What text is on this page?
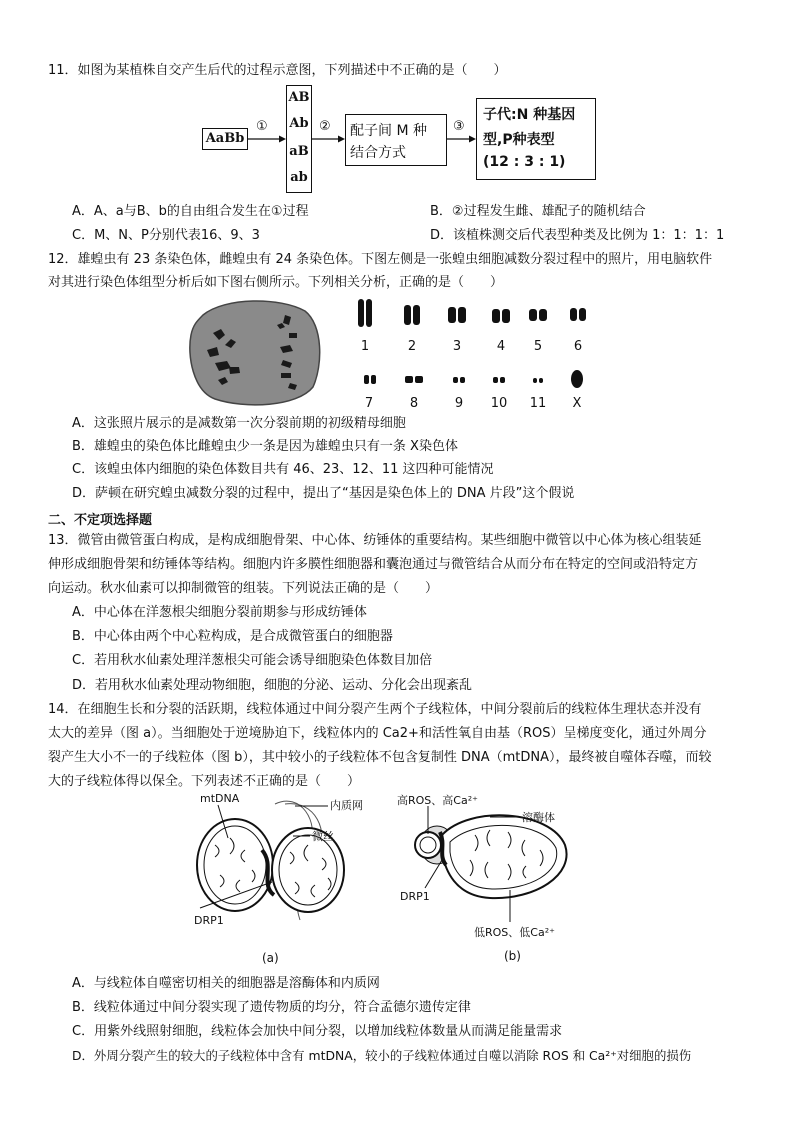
11．如图为某植株自交产生后代的过程示意图，下列描述中不正确的是（　　）
AaBb
①
AB
Ab
aB
ab
② 配子间 M 种
结合方式
③
子代:N 种基因
型,P种表型
(12 : 3 : 1)
A．A、a与B、b的自由组合发生在①过程	B．②过程发生雌、雄配子的随机结合
C．M、N、P分别代表16、9、3	D．该植株测交后代表型种类及比例为 1：1：1：1
12．雄蝗虫有 23 条染色体，雌蝗虫有 24 条染色体。下图左侧是一张蝗虫细胞减数分裂过程中的照片，用电脑软件
对其进行染色体组型分析后如下图右侧所示。下列相关分析，正确的是（　　）
1	2	3	4 5 6
7	8	9 10 11 X
A．这张照片展示的是减数第一次分裂前期的初级精母细胞
B．雄蝗虫的染色体比雌蝗虫少一条是因为雄蝗虫只有一条 X染色体
C．该蝗虫体内细胞的染色体数目共有 46、23、12、11 这四种可能情况
D．萨顿在研究蝗虫减数分裂的过程中，提出了“基因是染色体上的 DNA 片段”这个假说
二、不定项选择题
13．微管由微管蛋白构成，是构成细胞骨架、中心体、纺锤体的重要结构。某些细胞中微管以中心体为核心组装延
伸形成细胞骨架和纺锤体等结构。细胞内许多膜性细胞器和囊泡通过与微管结合从而分布在特定的空间或沿特定方
向运动。秋水仙素可以抑制微管的组装。下列说法正确的是（　　）
A．中心体在洋葱根尖细胞分裂前期参与形成纺锤体
B．中心体由两个中心粒构成，是合成微管蛋白的细胞器
C．若用秋水仙素处理洋葱根尖可能会诱导细胞染色体数目加倍
D．若用秋水仙素处理动物细胞，细胞的分泌、运动、分化会出现紊乱
14．在细胞生长和分裂的活跃期，线粒体通过中间分裂产生两个子线粒体，中间分裂前后的线粒体生理状态并没有
太大的差异（图 a）。当细胞处于逆境胁迫下，线粒体内的 Ca2+和活性氧自由基（ROS）呈梯度变化，通过外周分
裂产生大小不一的子线粒体（图 b），其中较小的子线粒体不包含复制性 DNA（mtDNA），最终被自噬体吞噬，而较
大的子线粒体得以保全。下列表述不正确的是（　　）
mtDNA
内质网
微丝
DRP1
(a)
高ROS、高Ca²⁺
溶酶体
DRP1
低ROS、低Ca²⁺
(b)
A．与线粒体自噬密切相关的细胞器是溶酶体和内质网
B．线粒体通过中间分裂实现了遗传物质的均分，符合孟德尔遗传定律
C．用紫外线照射细胞，线粒体会加快中间分裂，以增加线粒体数量从而满足能量需求
D．外周分裂产生的较大的子线粒体中含有 mtDNA，较小的子线粒体通过自噬以消除 ROS 和 Ca²⁺对细胞的损伤
